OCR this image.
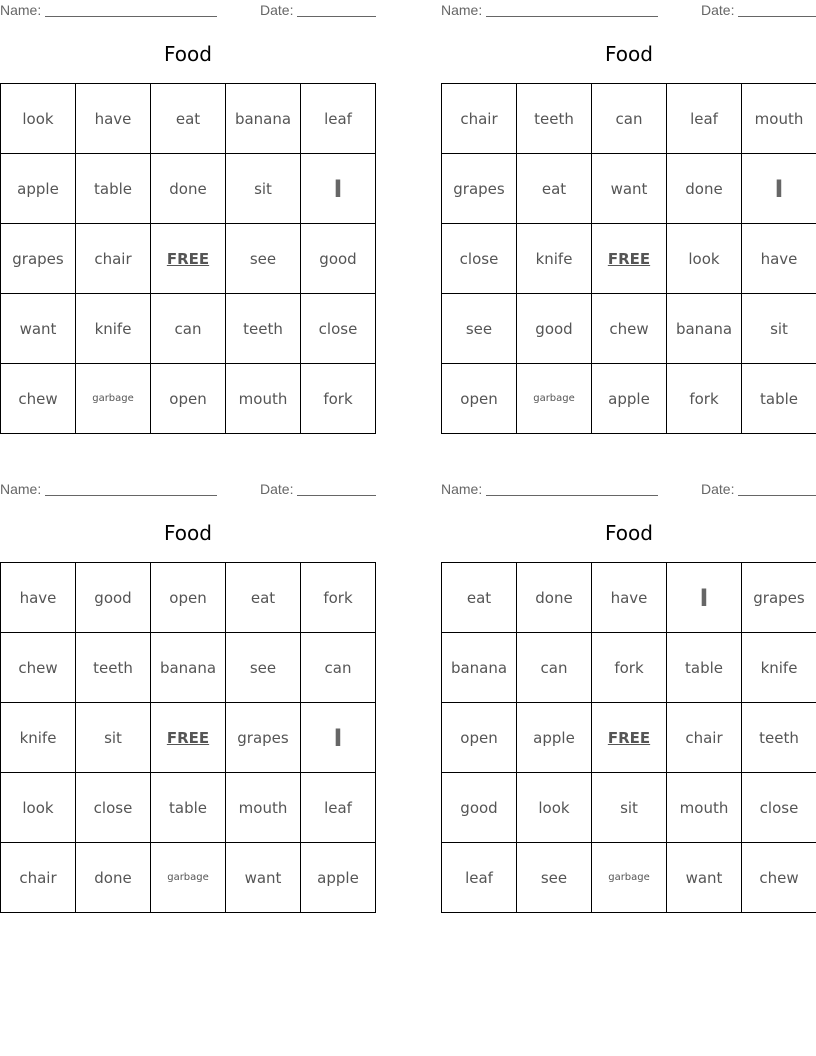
Name:	Date:
Food
look	have	eat	banana	leaf
apple	table	done	sit	I
grapes	chair	FREE	see	good
want	knife	can	teeth	close
chew	garbage	open	mouth	fork
Name:	Date:
Food
chair	teeth	can	leaf	mouth
grapes	eat	want	done	I
close	knife	FREE	look	have
see	good	chew	banana	sit
open	garbage	apple	fork	table
Name:	Date:
Food
have	good	open	eat	fork
chew	teeth	banana	see	can
knife	sit	FREE	grapes	I
look	close	table	mouth	leaf
chair	done	garbage	want	apple
Name:	Date:
Food
eat	done	have	I	grapes
banana	can	fork	table	knife
open	apple	FREE	chair	teeth
good	look	sit	mouth	close
leaf	see	garbage	want	chew
